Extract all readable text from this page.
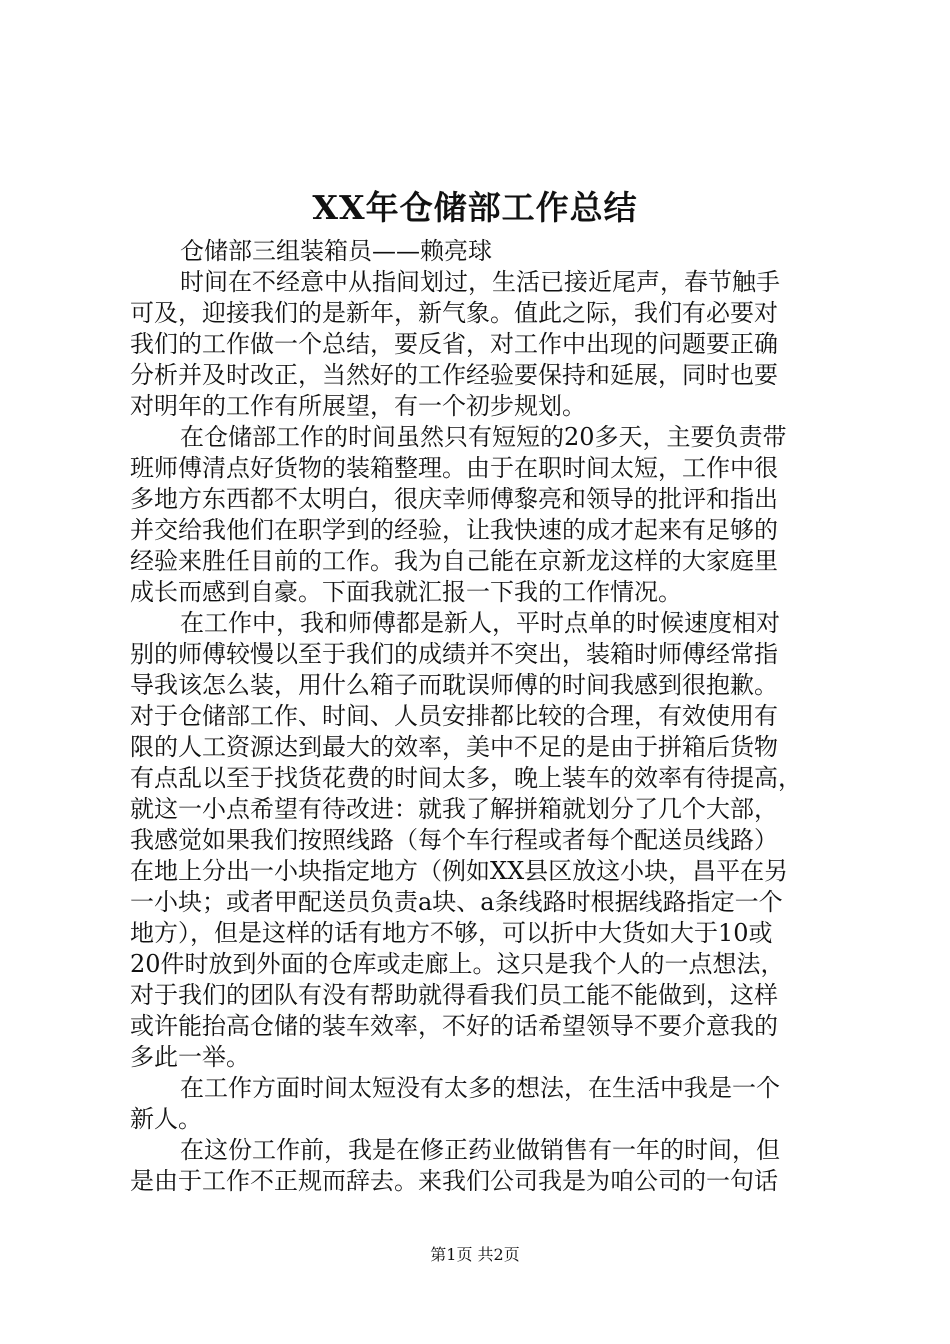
XX年仓储部工作总结
仓储部三组装箱员——赖亮球
时间在不经意中从指间划过，生活已接近尾声，春节触手
可及，迎接我们的是新年，新气象。值此之际，我们有必要对
我们的工作做一个总结，要反省，对工作中出现的问题要正确
分析并及时改正，当然好的工作经验要保持和延展，同时也要
对明年的工作有所展望，有一个初步规划。
在仓储部工作的时间虽然只有短短的20多天，主要负责带
班师傅清点好货物的装箱整理。由于在职时间太短，工作中很
多地方东西都不太明白，很庆幸师傅黎亮和领导的批评和指出
并交给我他们在职学到的经验，让我快速的成才起来有足够的
经验来胜任目前的工作。我为自己能在京新龙这样的大家庭里
成长而感到自豪。下面我就汇报一下我的工作情况。
在工作中，我和师傅都是新人，平时点单的时候速度相对
别的师傅较慢以至于我们的成绩并不突出，装箱时师傅经常指
导我该怎么装，用什么箱子而耽误师傅的时间我感到很抱歉。
对于仓储部工作、时间、人员安排都比较的合理，有效使用有
限的人工资源达到最大的效率，美中不足的是由于拼箱后货物
有点乱以至于找货花费的时间太多，晚上装车的效率有待提高，
就这一小点希望有待改进：就我了解拼箱就划分了几个大部，
我感觉如果我们按照线路（每个车行程或者每个配送员线路）
在地上分出一小块指定地方（例如XX县区放这小块，昌平在另
一小块；或者甲配送员负责a块、a条线路时根据线路指定一个
地方），但是这样的话有地方不够，可以折中大货如大于10或
20件时放到外面的仓库或走廊上。这只是我个人的一点想法，
对于我们的团队有没有帮助就得看我们员工能不能做到，这样
或许能抬高仓储的装车效率，不好的话希望领导不要介意我的
多此一举。
在工作方面时间太短没有太多的想法，在生活中我是一个
新人。
在这份工作前，我是在修正药业做销售有一年的时间，但
是由于工作不正规而辞去。来我们公司我是为咱公司的一句话
第1页 共2页
